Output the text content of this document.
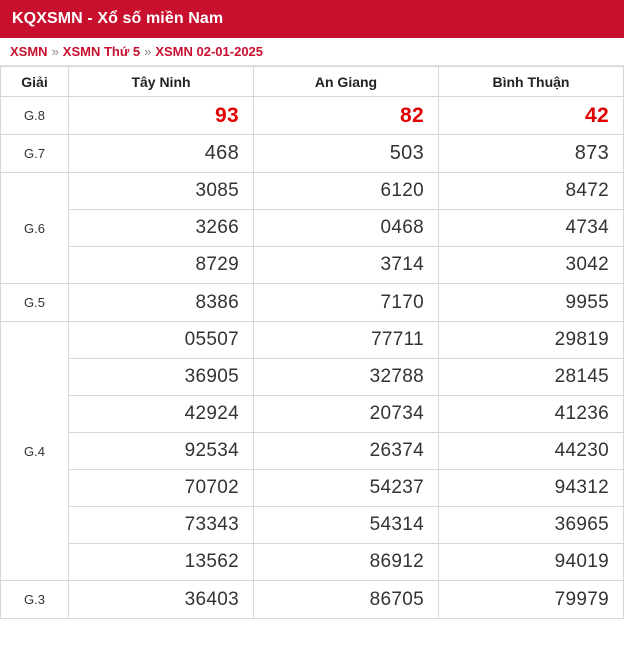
KQXSMN - Xổ số miền Nam
XSMN » XSMN Thứ 5 » XSMN 02-01-2025
Giải	Tây Ninh	An Giang	Bình Thuận
G.8	93	82	42
G.7	468	503	873
G.6	3085	6120	8472
	3266	0468	4734
	8729	3714	3042
G.5	8386	7170	9955
G.4	05507	77711	29819
	36905	32788	28145
	42924	20734	41236
	92534	26374	44230
	70702	54237	94312
	73343	54314	36965
	13562	86912	94019
G.3	36403	86705	79979
